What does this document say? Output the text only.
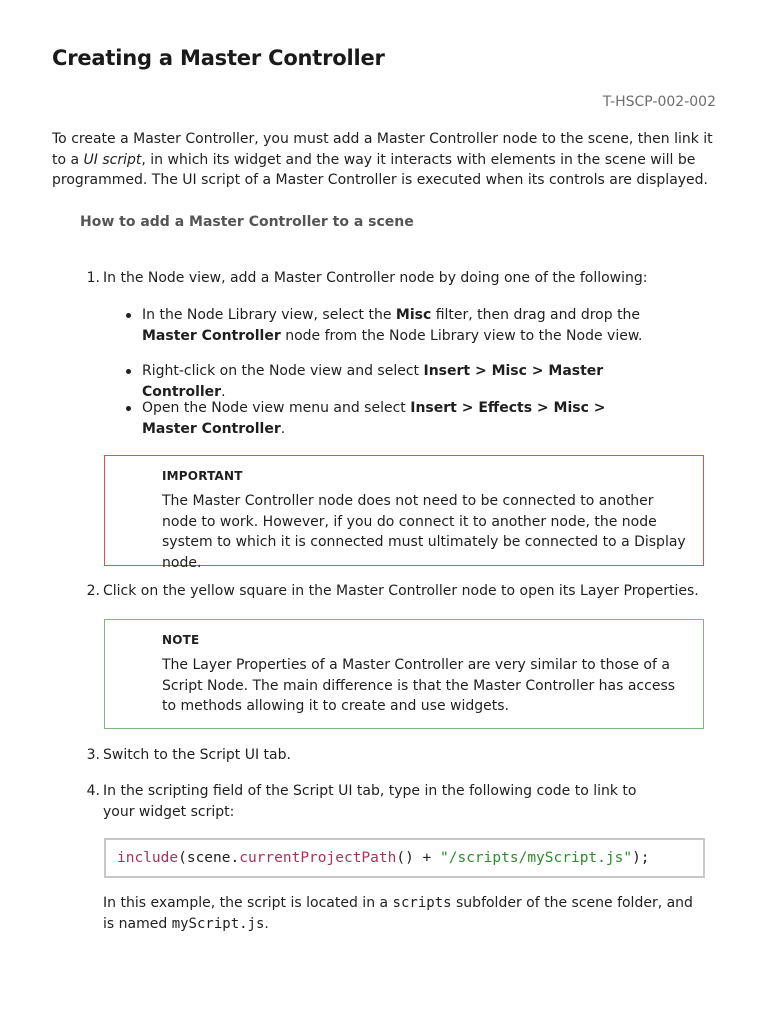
Creating a Master Controller
T-HSCP-002-002

To create a Master Controller, you must add a Master Controller node to the scene, then link it to a UI script, in which its widget and the way it interacts with elements in the scene will be programmed. The UI script of a Master Controller is executed when its controls are displayed.

How to add a Master Controller to a scene
1. In the Node view, add a Master Controller node by doing one of the following:
In the Node Library view, select the Misc filter, then drag and drop the Master Controller node from the Node Library view to the Node view.
Right-click on the Node view and select Insert > Misc > Master Controller.
Open the Node view menu and select Insert > Effects > Misc > Master Controller.
IMPORTANT
The Master Controller node does not need to be connected to another node to work. However, if you do connect it to another node, the node system to which it is connected must ultimately be connected to a Display node.
2. Click on the yellow square in the Master Controller node to open its Layer Properties.
NOTE
The Layer Properties of a Master Controller are very similar to those of a Script Node. The main difference is that the Master Controller has access to methods allowing it to create and use widgets.
3. Switch to the Script UI tab.
4. In the scripting field of the Script UI tab, type in the following code to link to your widget script:
include(scene.currentProjectPath() + "/scripts/myScript.js");
In this example, the script is located in a scripts subfolder of the scene folder, and is named myScript.js.
